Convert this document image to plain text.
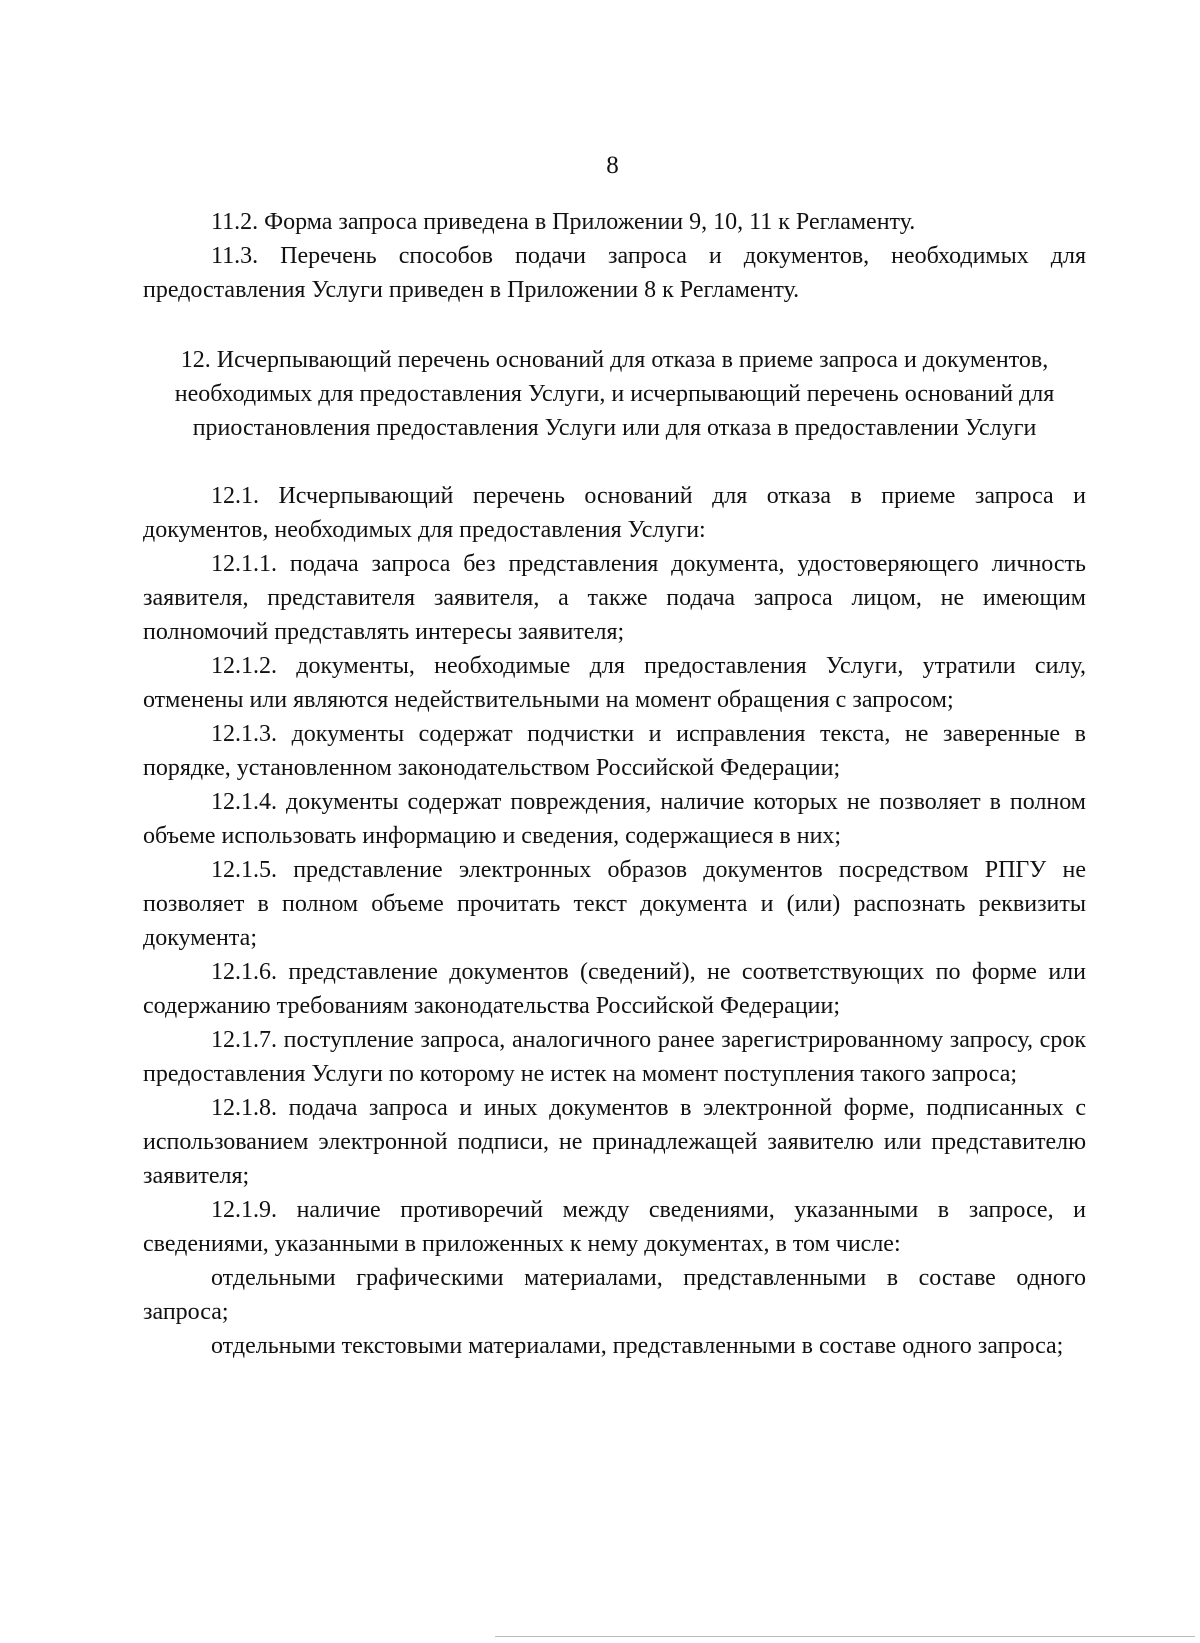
8

11.2. Форма запроса приведена в Приложении 9, 10, 11 к Регламенту.

11.3. Перечень способов подачи запроса и документов, необходимых для предоставления Услуги приведен в Приложении 8 к Регламенту.

12. Исчерпывающий перечень оснований для отказа в приеме запроса и документов, необходимых для предоставления Услуги, и исчерпывающий перечень оснований для приостановления предоставления Услуги или для отказа в предоставлении Услуги

12.1. Исчерпывающий перечень оснований для отказа в приеме запроса и документов, необходимых для предоставления Услуги:

12.1.1. подача запроса без представления документа, удостоверяющего личность заявителя, представителя заявителя, а также подача запроса лицом, не имеющим полномочий представлять интересы заявителя;

12.1.2. документы, необходимые для предоставления Услуги, утратили силу, отменены или являются недействительными на момент обращения с запросом;

12.1.3. документы содержат подчистки и исправления текста, не заверенные в порядке, установленном законодательством Российской Федерации;

12.1.4. документы содержат повреждения, наличие которых не позволяет в полном объеме использовать информацию и сведения, содержащиеся в них;

12.1.5. представление электронных образов документов посредством РПГУ не позволяет в полном объеме прочитать текст документа и (или) распознать реквизиты документа;

12.1.6. представление документов (сведений), не соответствующих по форме или содержанию требованиям законодательства Российской Федерации;

12.1.7. поступление запроса, аналогичного ранее зарегистрированному запросу, срок предоставления Услуги по которому не истек на момент поступления такого запроса;

12.1.8. подача запроса и иных документов в электронной форме, подписанных с использованием электронной подписи, не принадлежащей заявителю или представителю заявителя;

12.1.9. наличие противоречий между сведениями, указанными в запросе, и сведениями, указанными в приложенных к нему документах, в том числе:

отдельными графическими материалами, представленными в составе одного запроса;

отдельными текстовыми материалами, представленными в составе одного запроса;
